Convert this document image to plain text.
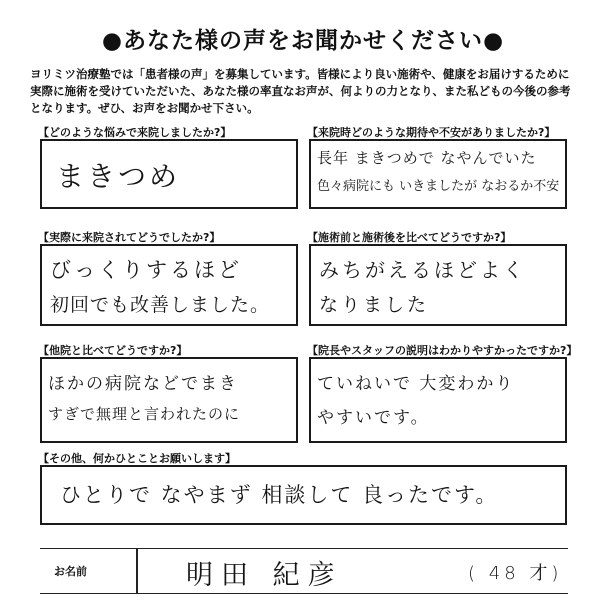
●あなた様の声をお聞かせください●
ヨリミツ治療塾では「患者様の声」を募集しています。皆様により良い施術や、健康をお届けするために実際に施術を受けていただいた、あなた様の率直なお声が、何よりの力となり、また私どもの今後の参考となります。ぜひ、お声をお聞かせ下さい。
【どのような悩みで来院しましたか?】
まきつめ
【来院時どのような期待や不安がありましたか?】
長年 まきつめで なやんでいた
色々病院にも いきましたが なおるか不安
【実際に来院されてどうでしたか?】
びっくりするほど
初回でも改善しました。
【施術前と施術後を比べてどうですか?】
みちがえるほどよく
なりました
【他院と比べてどうですか?】
ほかの病院などでまき
すぎで無理と言われたのに
【院長やスタッフの説明はわかりやすかったですか?】
ていねいで 大変わかり
やすいです。
【その他、何かひとことお願いします】
ひとりで なやまず 相談して 良ったです。
お名前	明田 紀彦	( 48 才)
